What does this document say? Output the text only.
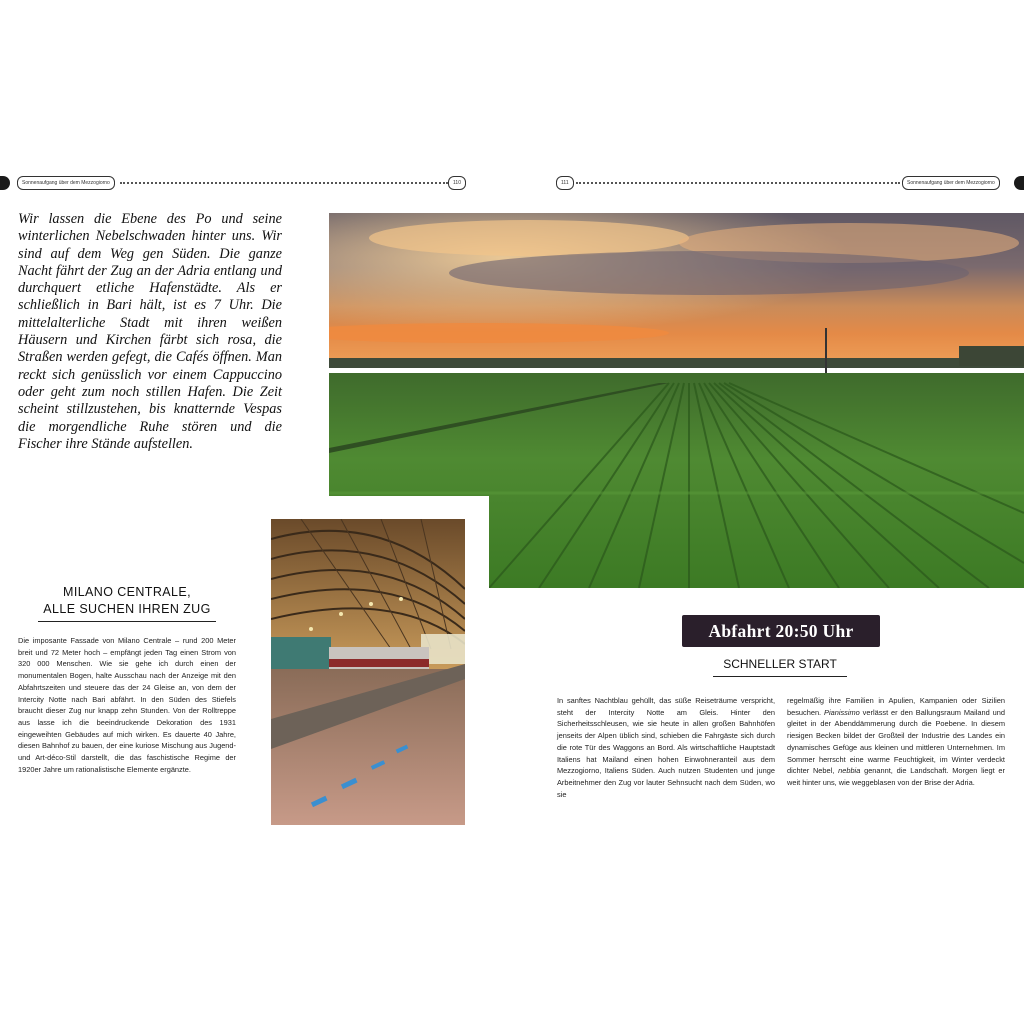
Sonnenaufgang über dem Mezzogiorno	110	111	Sonnenaufgang über dem Mezzogiorno
Wir lassen die Ebene des Po und seine winterlichen Nebelschwaden hinter uns. Wir sind auf dem Weg gen Süden. Die ganze Nacht fährt der Zug an der Adria entlang und durchquert etliche Hafenstädte. Als er schließlich in Bari hält, ist es 7 Uhr. Die mittelalterliche Stadt mit ihren weißen Häusern und Kirchen färbt sich rosa, die Straßen werden gefegt, die Cafés öffnen. Man reckt sich genüsslich vor einem Cappuccino oder geht zum noch stillen Hafen. Die Zeit scheint stillzustehen, bis knatternde Vespas die morgendliche Ruhe stören und die Fischer ihre Stände aufstellen.
MILANO CENTRALE,
ALLE SUCHEN IHREN ZUG
Die imposante Fassade von Milano Centrale – rund 200 Meter breit und 72 Meter hoch – empfängt jeden Tag einen Strom von 320 000 Menschen. Wie sie gehe ich durch einen der monumentalen Bogen, halte Ausschau nach der Anzeige mit den Abfahrtszeiten und steuere das der 24 Gleise an, von dem der Intercity Notte nach Bari abfährt. In den Süden des Stiefels braucht dieser Zug nur knapp zehn Stunden. Von der Rolltreppe aus lasse ich die beeindruckende Dekoration des 1931 eingeweihten Gebäudes auf mich wirken. Es dauerte 40 Jahre, diesen Bahnhof zu bauen, der eine kuriose Mischung aus Jugend- und Art-déco-Stil darstellt, die das faschistische Regime der 1920er Jahre um rationalistische Elemente ergänzte.
Abfahrt 20:50 Uhr
SCHNELLER START
In sanftes Nachtblau gehüllt, das süße Reiseträume verspricht, steht der Intercity Notte am Gleis. Hinter den Sicherheitsschleusen, wie sie heute in allen großen Bahnhöfen jenseits der Alpen üblich sind, schieben die Fahrgäste sich durch die rote Tür des Waggons an Bord. Als wirtschaftliche Hauptstadt Italiens hat Mailand einen hohen Einwohneranteil aus dem Mezzogiorno, Italiens Süden. Auch nutzen Studenten und junge Arbeitnehmer den Zug vor lauter Sehnsucht nach dem Süden, wo sie
regelmäßig ihre Familien in Apulien, Kampanien oder Sizilien besuchen. Pianissimo verlässt er den Ballungsraum Mailand und gleitet in der Abenddämmerung durch die Poebene. In diesem riesigen Becken bildet der Großteil der Industrie des Landes ein dynamisches Gefüge aus kleinen und mittleren Unternehmen. Im Sommer herrscht eine warme Feuchtigkeit, im Winter verdeckt dichter Nebel, nebbia genannt, die Landschaft. Morgen liegt er weit hinter uns, wie weggeblasen von der Brise der Adria.
